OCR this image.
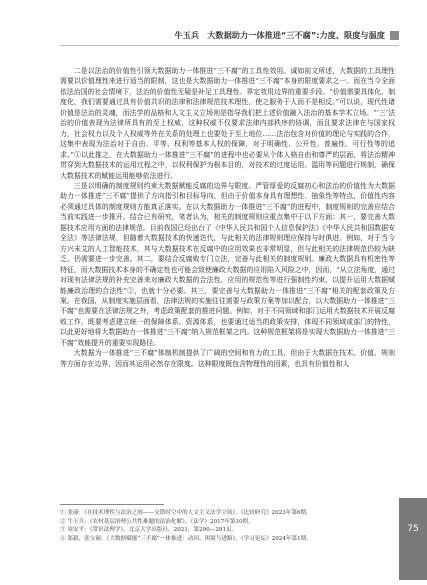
牛玉兵　大数据助力一体推进“三不腐”:力度、限度与温度

二是以法治的价值性引领大数据助力一体推进“三不腐”的工具性效用。诚如前文所述，大数据的工具理性需要以价值理性来进行适当的限制，这也是大数据助力一体推进“三不腐”本身的限度要求之一。而在当今全面依法治国的社会情境下，法治的价值性无疑是补足工具理性、界定效用边界的重要手段。“价值需要具体化、制度化，我们需要通过具有价值共识的法律和法律规范技术理性，使之服务于人而不是相反。”可以说，现代性诸价值是法治的灵魂，而法学的品格和人文主义立场则是指导我们把上述价值融入法治的基本学术立场。“‘三’法治的价值表现为法律所具有的至上权威，这种权威不仅要求法律内部秩序的协调，而且要求法律在与国家权力，社会权力以及个人权威等外在关系的处理上也要处于至上地位……法治包含对价值的理论与实践的合作，这集中表现为法治对于自由、平等、权利等基本人权的保障，对于明确性、公开性、普遍性、可行性等的追求。”①以此推之，在大数据助力一体推进“三不腐”的进程中也必要从个体人格自由和尊严的层面，将法治精神贯穿到大数据技术的运用过程之中，以权利保护为根本目的，对技术的过度运用、滥用等问题进行规制，确保大数据技术的赋能运用能够依法进行。

三是以明确的制度规则约束大数据赋能反腐的边界与限度。严管厚爱的反腐初心和法治的价值性为大数据助力一体推进“三不腐”提供了方向指引和目标导向，但由于价值本身具有理想性、抽象性等特点，价值性内容必须通过具体的制度规则方能真正落实。在以大数据助力一体推进“三不腐”的进程中，制度规则的完善应结合当前实践进一步推开。结合已有研究，笔者认为，相关的制度规则应重点集中于以下方面：其一，要完善大数据技术应用方面的法律规范。目前我国已经出台了《中华人民共和国个人信息保护法》《中华人民共和国数据安全法》等法律法规，但随着大数据技术的快速迭代，与此相关的法律规则理应保持与时俱进。例如，对于当今方兴未艾的人工智能技术，其与大数据技术在反腐中的应用效果也非常明显，但与此相关的法律规范仍较为缺乏，仍需要进一步完善。其二，要结合反腐败专门立法，完善与此相关的制度规则。廉政大数据具有机密性等特征，而大数据技术本身的不确定性也可能会致使廉政大数据的应用陷入风险之中，因而，“从立法角度，通过对现有法律法规的补充完善来对廉政大数据的合法性、应用的规范性等进行强制性约束，以提升运用大数据赋能廉政治理的合法性”②，也就十分必要。其三，要完善与大数据助力一体推进“三不腐”相关的配套政策及方案。在我国，从制度实施层面看，法律法规的实施往往需要与政策方案等加以配合，以大数据助力一体推进“三不腐”也需要在法律法规之外，考虑政策配套的推进问题。例如，对于不同领域和部门运用大数据技术开展反腐败工作，既要考虑建立统一的保障体系、资源体系，也要通过适当的政策安排，体现不同领域或部门的特性，以此更好地将大数据助力一体推进“三不腐”纳入规范框架之内。这种规范框架将是实现大数据助力一体推进“三不腐”效能提升的重要实现路径。

大数据为一体推进“三不腐”体制机制提供了广阔的空间和有力的工具，但由于大数据在技术、价值、规则等方面存在边界，因而其运用必然存在限度。这种限度既包含物理性的因素，也具有价值性和人

① 张康：《在技术理性与法治之间——交错时空中的人文主义法学立场》，《比较研究》2023年第6期。
② 牛玉兵：《农村基层治理公共性难题的法治化解》，《法学》2017年第10期。
③ 周安平：《常识法理学》，北京大学出版社，2021，第290—291页。
④ 郑毅、张宝硕：《大数据赋能“三不腐”一体推进：动因、困境与进路》，《学习论坛》2024年第1期。
75
